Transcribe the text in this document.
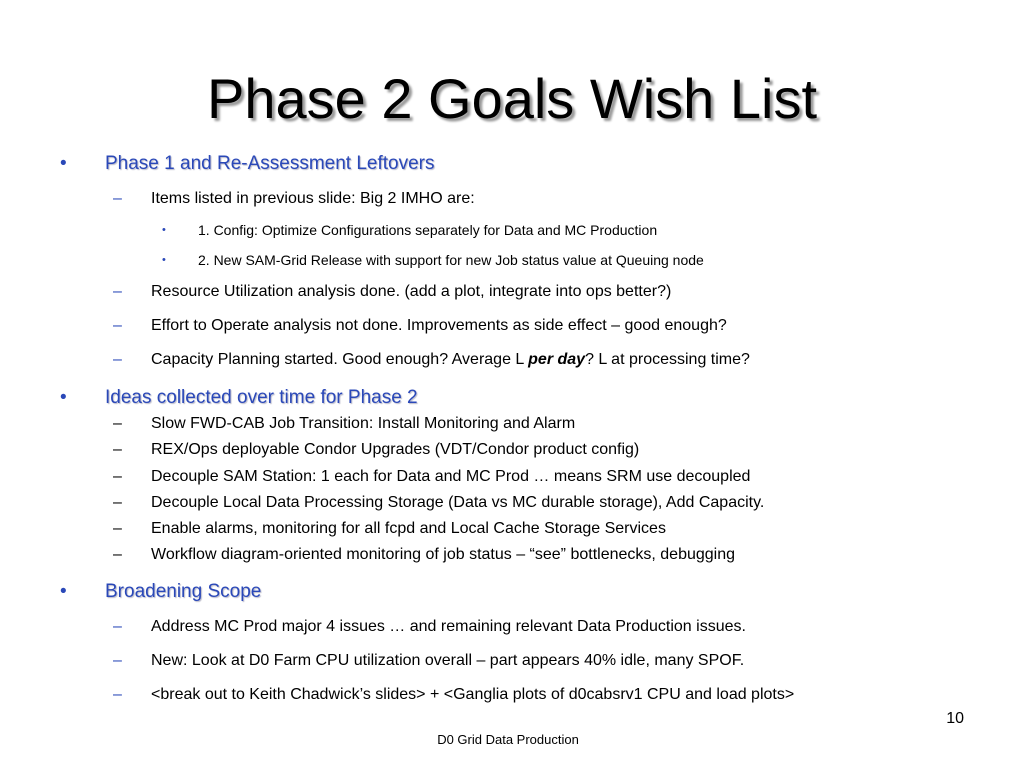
Phase 2 Goals Wish List
• Phase 1 and Re-Assessment Leftovers
– Items listed in previous slide: Big 2 IMHO are:
• 1. Config: Optimize Configurations separately for Data and MC Production
• 2. New SAM-Grid Release with support for new Job status value at Queuing node
– Resource Utilization analysis done. (add a plot, integrate into ops better?)
– Effort to Operate analysis not done. Improvements as side effect – good enough?
– Capacity Planning started. Good enough? Average L per day? L at processing time?
• Ideas collected over time for Phase 2
– Slow FWD-CAB Job Transition: Install Monitoring and Alarm
– REX/Ops deployable Condor Upgrades (VDT/Condor product config)
– Decouple SAM Station: 1 each for Data and MC Prod … means SRM use decoupled
– Decouple Local Data Processing Storage (Data vs MC durable storage), Add Capacity.
– Enable alarms, monitoring for all fcpd and Local Cache Storage Services
– Workflow diagram-oriented monitoring of job status – “see” bottlenecks, debugging
• Broadening Scope
– Address MC Prod major 4 issues … and remaining relevant Data Production issues.
– New: Look at D0 Farm CPU utilization overall – part appears 40% idle, many SPOF.
– <break out to Keith Chadwick’s slides> + <Ganglia plots of d0cabsrv1 CPU and load plots>
10
D0 Grid Data Production
